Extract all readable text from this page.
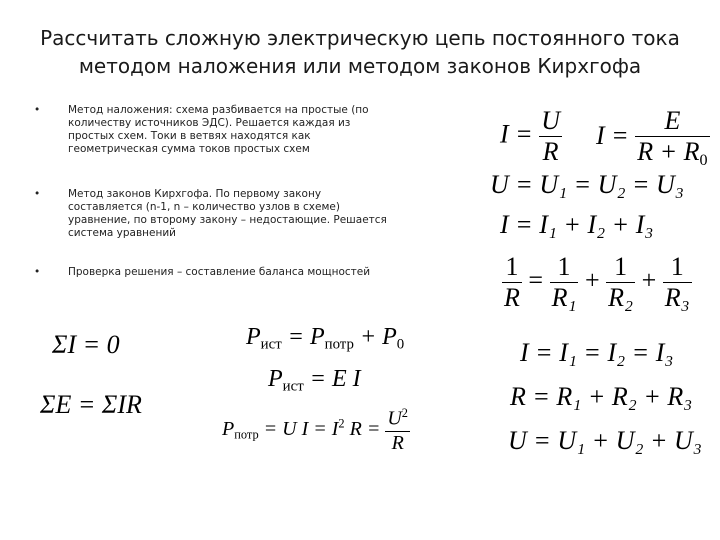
Рассчитать сложную электрическую цепь постоянного тока
методом наложения или методом законов Кирхгофа
•	Метод наложения: схема разбивается на простые (по
количеству источников ЭДС). Решается каждая из
простых схем. Токи в ветвях находятся как
геометрическая сумма токов простых схем
•	Метод законов Кирхгофа. По первому закону
составляется (n-1, n – количество узлов в схеме)
уравнение, по второму закону – недостающие. Решается
система уравнений
•	Проверка решения – составление баланса мощностей
$I = \frac{U}{R}$ $I = \frac{E}{R + R_0}$
U = U₁ = U₂ = U₃
I = I₁ + I₂ + I₃
$\frac{1}{R} = \frac{1}{\text{R₁}} + \frac{1}{\text{R₂}} + \frac{1}{\text{R₃}}$
I = I₁ = I₂ = I₃
R = R₁ + R₂ + R₃
U = U₁ + U₂ + U₃
ΣI = 0
ΣE = ΣIR
$P_{ист} = P_{потр} + P_0$
$P_{ист} = E$ I
$P_{потр} = U$ $I = I^2$ $R = \frac{U^2}{R}$
